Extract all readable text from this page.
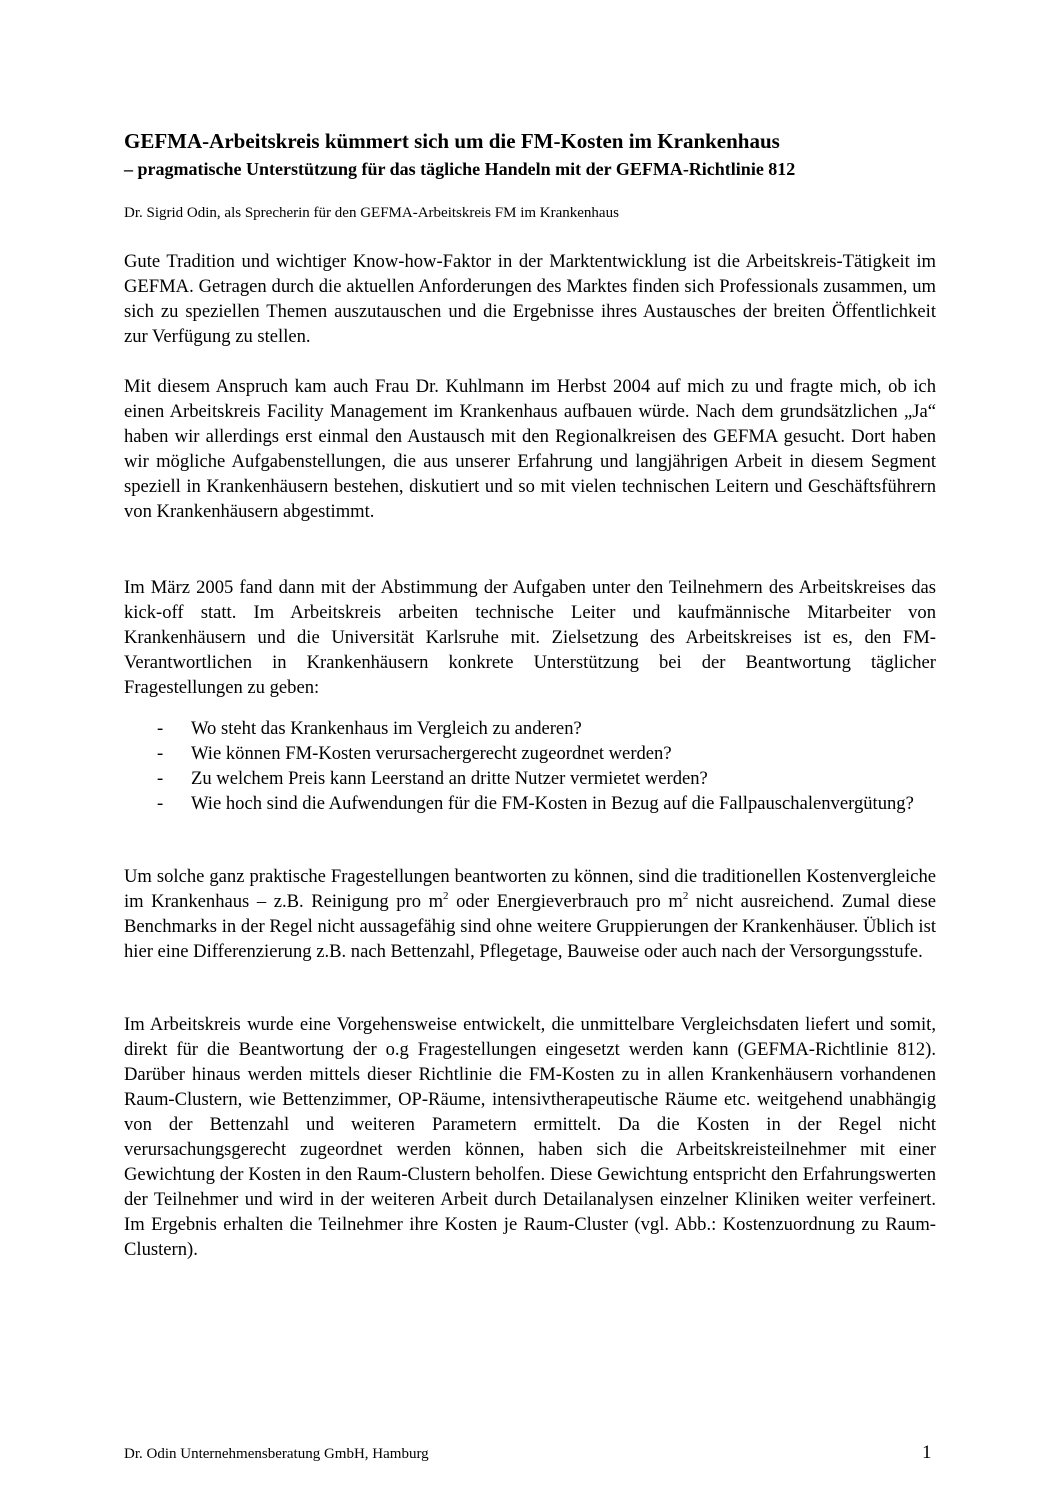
GEFMA-Arbeitskreis kümmert sich um die FM-Kosten im Krankenhaus
– pragmatische Unterstützung für das tägliche Handeln mit der GEFMA-Richtlinie 812
Dr. Sigrid Odin, als Sprecherin für den GEFMA-Arbeitskreis FM im Krankenhaus

Gute Tradition und wichtiger Know-how-Faktor in der Marktentwicklung ist die Arbeitskreis-Tätigkeit im GEFMA. Getragen durch die aktuellen Anforderungen des Marktes finden sich Professionals zusammen, um sich zu speziellen Themen auszutauschen und die Ergebnisse ihres Austausches der breiten Öffentlichkeit zur Verfügung zu stellen.

Mit diesem Anspruch kam auch Frau Dr. Kuhlmann im Herbst 2004 auf mich zu und fragte mich, ob ich einen Arbeitskreis Facility Management im Krankenhaus aufbauen würde. Nach dem grundsätzlichen „Ja“ haben wir allerdings erst einmal den Austausch mit den Regionalkreisen des GEFMA gesucht. Dort haben wir mögliche Aufgabenstellungen, die aus unserer Erfahrung und langjährigen Arbeit in diesem Segment speziell in Krankenhäusern bestehen, diskutiert und so mit vielen technischen Leitern und Geschäftsführern von Krankenhäusern abgestimmt.

Im März 2005 fand dann mit der Abstimmung der Aufgaben unter den Teilnehmern des Arbeitskreises das kick-off statt. Im Arbeitskreis arbeiten technische Leiter und kaufmännische Mitarbeiter von Krankenhäusern und die Universität Karlsruhe mit. Zielsetzung des Arbeitskreises ist es, den FM-Verantwortlichen in Krankenhäusern konkrete Unterstützung bei der Beantwortung täglicher Fragestellungen zu geben:

- Wo steht das Krankenhaus im Vergleich zu anderen?
- Wie können FM-Kosten verursachergerecht zugeordnet werden?
- Zu welchem Preis kann Leerstand an dritte Nutzer vermietet werden?
- Wie hoch sind die Aufwendungen für die FM-Kosten in Bezug auf die Fallpauschalenvergütung?

Um solche ganz praktische Fragestellungen beantworten zu können, sind die traditionellen Kostenvergleiche im Krankenhaus – z.B. Reinigung pro $m^2$ oder Energieverbrauch pro $m^2$ nicht ausreichend. Zumal diese Benchmarks in der Regel nicht aussagefähig sind ohne weitere Gruppierungen der Krankenhäuser. Üblich ist hier eine Differenzierung z.B. nach Bettenzahl, Pflegetage, Bauweise oder auch nach der Versorgungsstufe.

Im Arbeitskreis wurde eine Vorgehensweise entwickelt, die unmittelbare Vergleichsdaten liefert und somit, direkt für die Beantwortung der o.g Fragestellungen eingesetzt werden kann (GEFMA-Richtlinie 812). Darüber hinaus werden mittels dieser Richtlinie die FM-Kosten zu in allen Krankenhäusern vorhandenen Raum-Clustern, wie Bettenzimmer, OP-Räume, intensivtherapeutische Räume etc. weitgehend unabhängig von der Bettenzahl und weiteren Parametern ermittelt. Da die Kosten in der Regel nicht verursachungsgerecht zugeordnet werden können, haben sich die Arbeitskreisteilnehmer mit einer Gewichtung der Kosten in den Raum-Clustern beholfen. Diese Gewichtung entspricht den Erfahrungswerten der Teilnehmer und wird in der weiteren Arbeit durch Detailanalysen einzelner Kliniken weiter verfeinert. Im Ergebnis erhalten die Teilnehmer ihre Kosten je Raum-Cluster (vgl. Abb.: Kostenzuordnung zu Raum-Clustern).

Dr. Odin Unternehmensberatung GmbH, Hamburg	1
